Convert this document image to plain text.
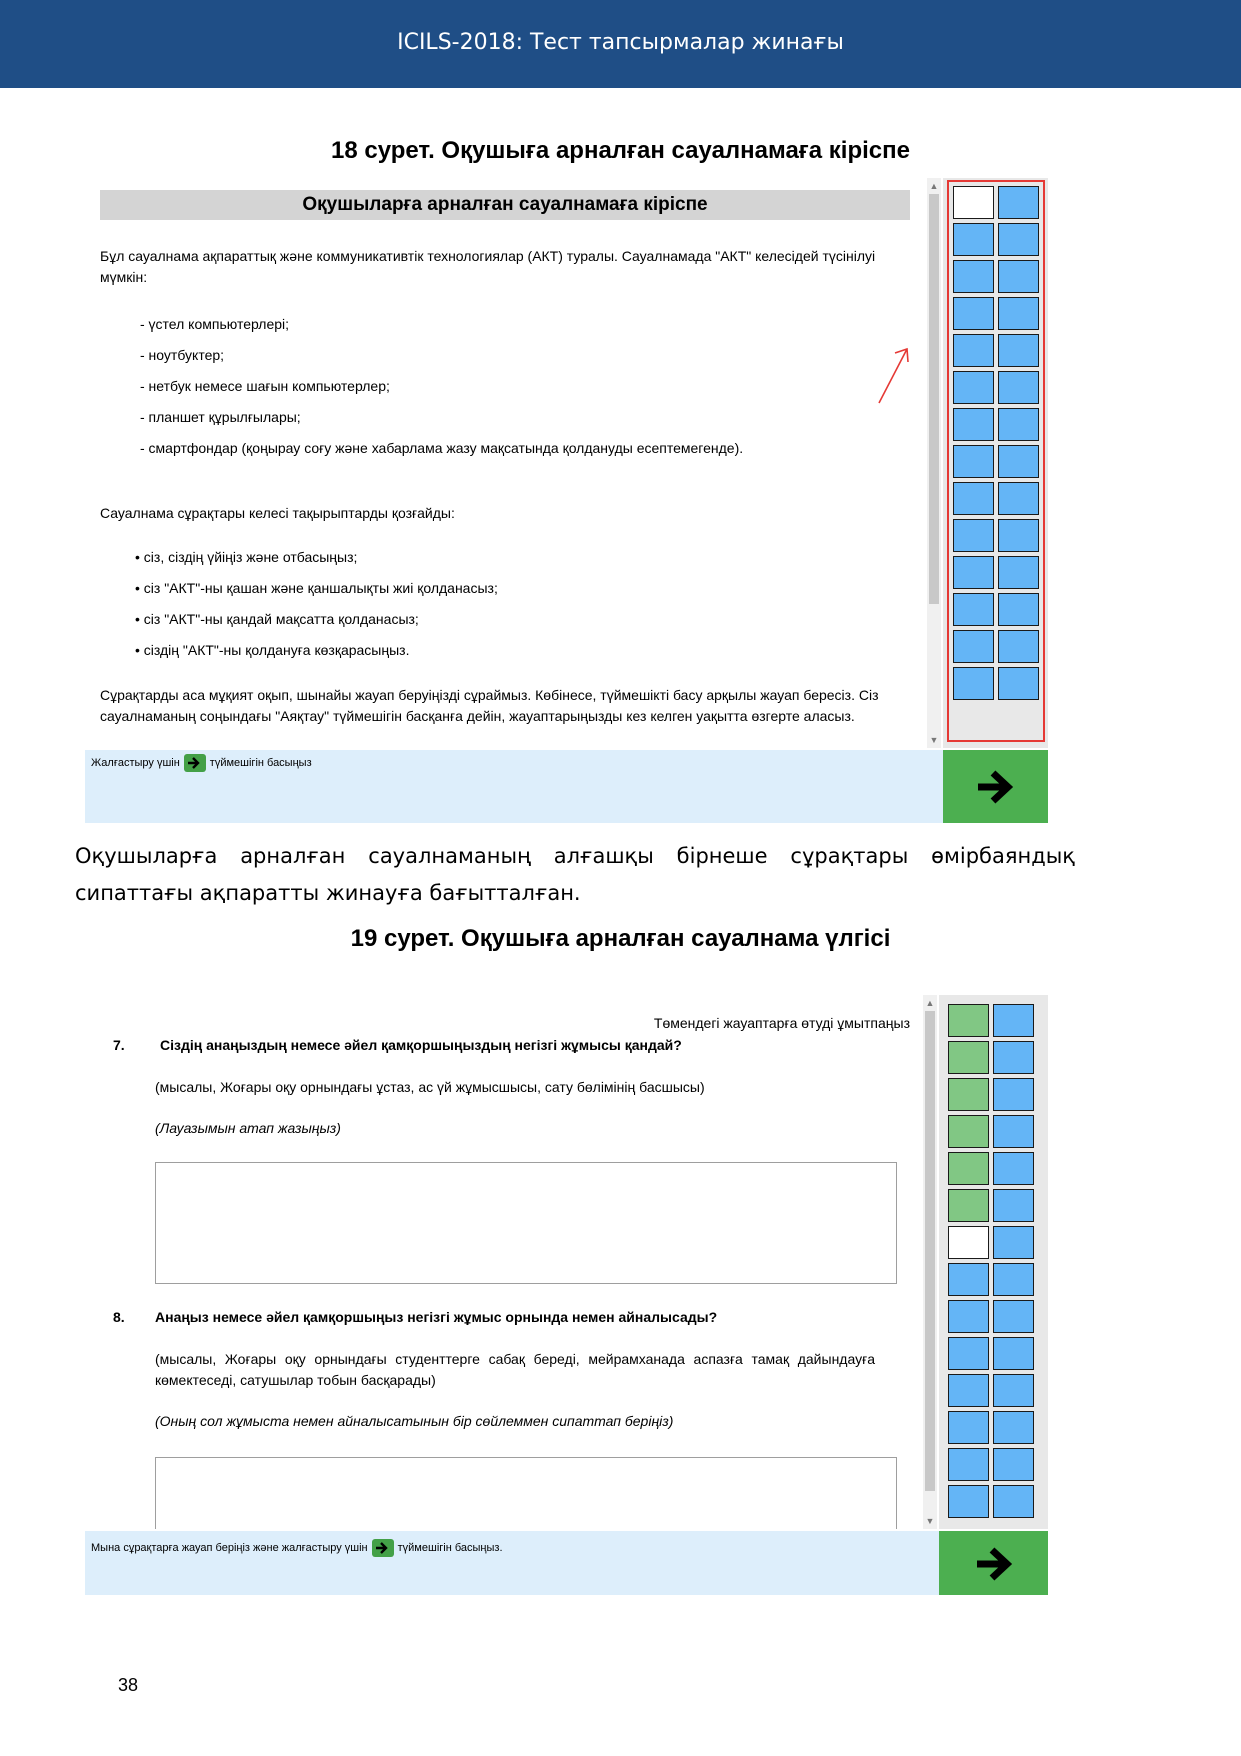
ICILS-2018: Тест тапсырмалар жинағы
18 сурет. Оқушыға арналған сауалнамаға кіріспе
Оқушыларға арналған сауалнамаға кіріспе
Бұл сауалнама ақпараттық және коммуникативтік технологиялар (АКТ) туралы. Сауалнамада "АКТ" келесідей түсінілуі мүмкін:
- үстел компьютерлері;
- ноутбуктер;
- нетбук немесе шағын компьютерлер;
- планшет құрылғылары;
- смартфондар (қоңырау соғу және хабарлама жазу мақсатында қолдануды есептемегенде).
Сауалнама сұрақтары келесі тақырыптарды қозғайды:
• сіз, сіздің үйіңіз және отбасыңыз;
• сіз "АКТ"-ны қашан және қаншалықты жиі қолданасыз;
• сіз "АКТ"-ны қандай мақсатта қолданасыз;
• сіздің "АКТ"-ны қолдануға көзқарасыңыз.
Сұрақтарды аса мұқият оқып, шынайы жауап беруіңізді сұраймыз. Көбінесе, түймешікті басу арқылы жауап бересіз. Сіз сауалнаманың соңындағы "Аяқтау" түймешігін басқанға дейін, жауаптарыңызды кез келген уақытта өзгерте аласыз.
▲
▼
Жалғастыру үшін	түймешігін басыңыз
Оқушыларға арналған сауалнаманың алғашқы бірнеше сұрақтары өмірбаяндық сипаттағы ақпаратты жинауға бағытталған.
19 сурет. Оқушыға арналған сауалнама үлгісі
Төмендегі жауаптарға өтуді ұмытпаңыз
7.	Сіздің анаңыздың немесе әйел қамқоршыңыздың негізгі жұмысы қандай?
(мысалы, Жоғары оқу орнындағы ұстаз, ас үй жұмысшысы, сату бөлімінің басшысы)
(Лауазымын атап жазыңыз)
8. Анаңыз немесе әйел қамқоршыңыз негізгі жұмыс орнында немен айналысады?
(мысалы, Жоғары оқу орнындағы студенттерге сабақ береді, мейрамханада аспазға тамақ дайындауға көмектеседі, сатушылар тобын басқарады)
(Оның сол жұмыста немен айналысатынын бір сөйлеммен сипаттап беріңіз)
▲
▼
Мына сұрақтарға жауап беріңіз және жалғастыру үшін	түймешігін басыңыз.
38
